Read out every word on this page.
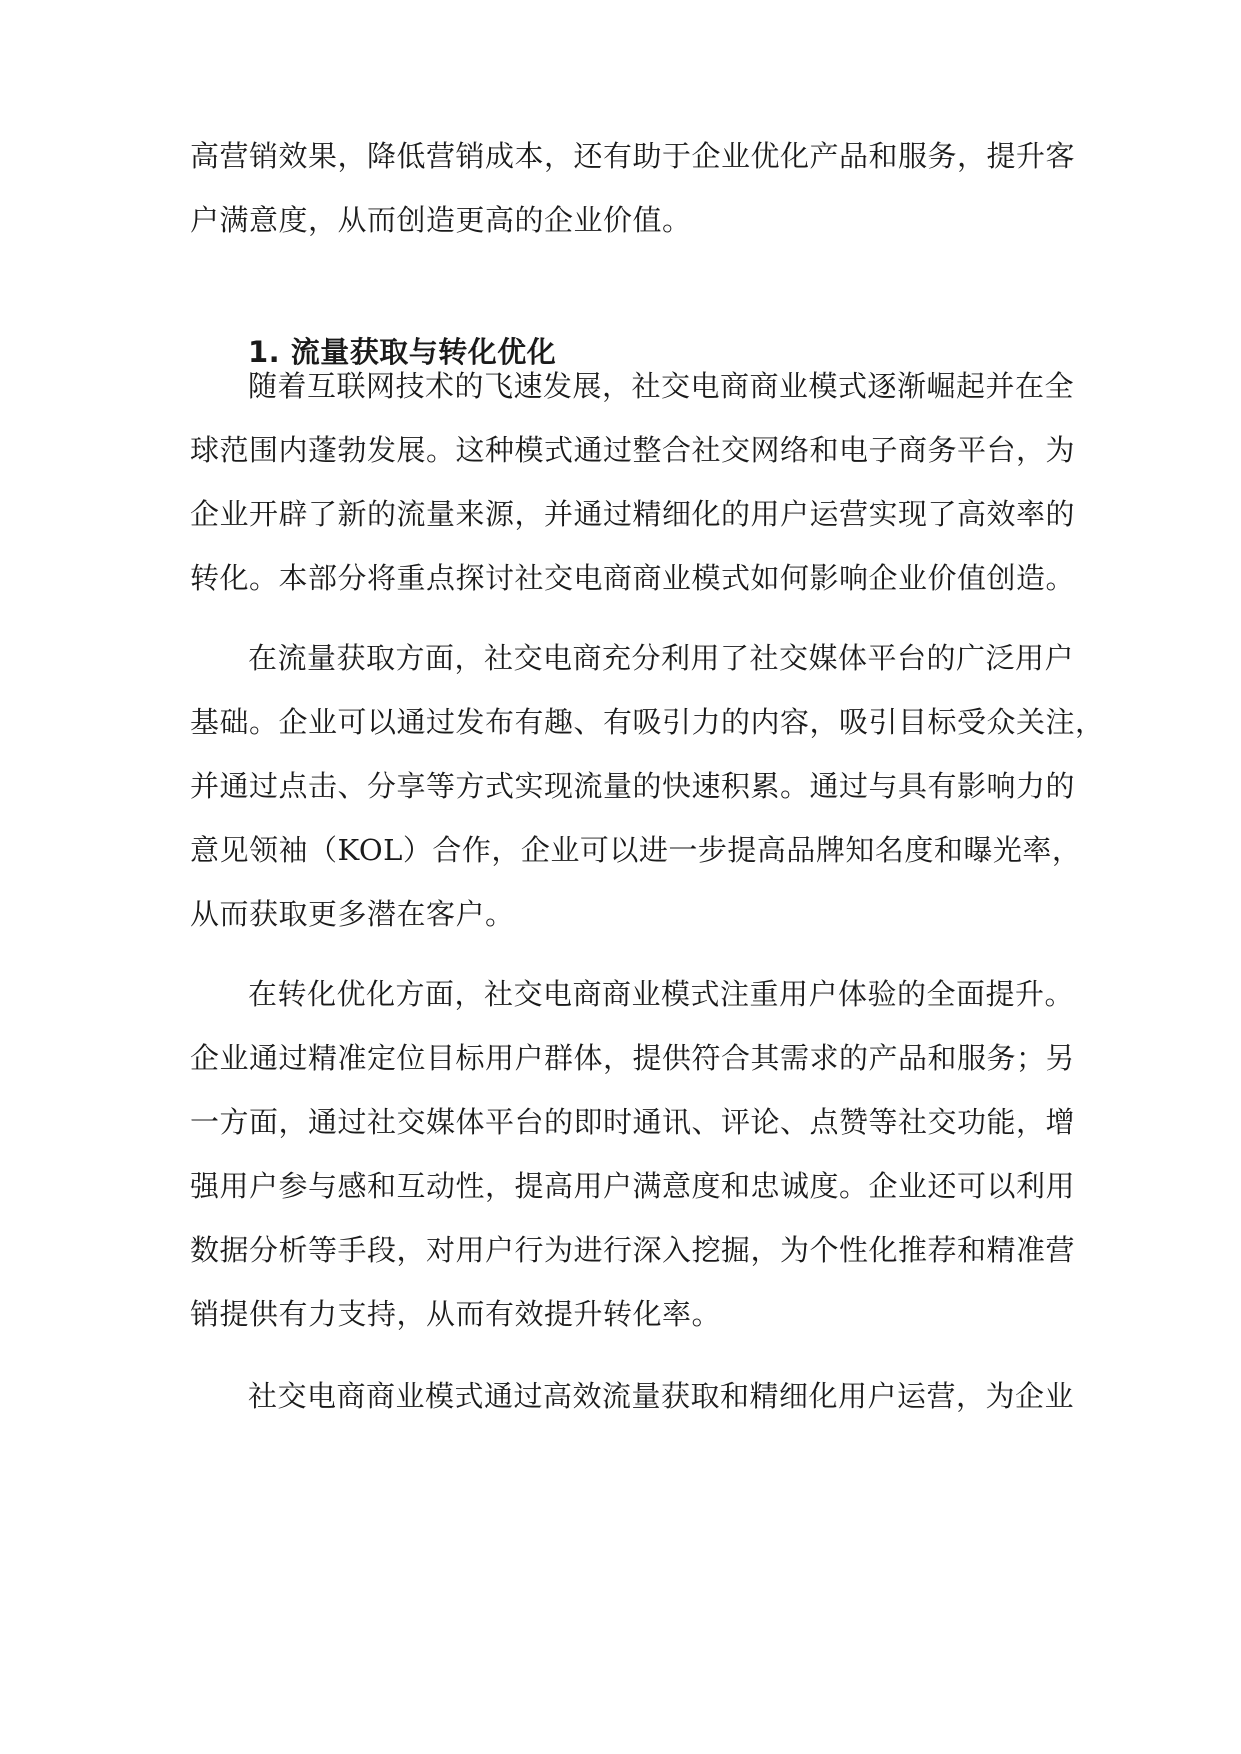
高营销效果，降低营销成本，还有助于企业优化产品和服务，提升客
户满意度，从而创造更高的企业价值。
1. 流量获取与转化优化
随着互联网技术的飞速发展，社交电商商业模式逐渐崛起并在全
球范围内蓬勃发展。这种模式通过整合社交网络和电子商务平台，为
企业开辟了新的流量来源，并通过精细化的用户运营实现了高效率的
转化。本部分将重点探讨社交电商商业模式如何影响企业价值创造。
在流量获取方面，社交电商充分利用了社交媒体平台的广泛用户
基础。企业可以通过发布有趣、有吸引力的内容，吸引目标受众关注，
并通过点击、分享等方式实现流量的快速积累。通过与具有影响力的
意见领袖（KOL）合作，企业可以进一步提高品牌知名度和曝光率，
从而获取更多潜在客户。
在转化优化方面，社交电商商业模式注重用户体验的全面提升。
企业通过精准定位目标用户群体，提供符合其需求的产品和服务；另
一方面，通过社交媒体平台的即时通讯、评论、点赞等社交功能，增
强用户参与感和互动性，提高用户满意度和忠诚度。企业还可以利用
数据分析等手段，对用户行为进行深入挖掘，为个性化推荐和精准营
销提供有力支持，从而有效提升转化率。
社交电商商业模式通过高效流量获取和精细化用户运营，为企业
